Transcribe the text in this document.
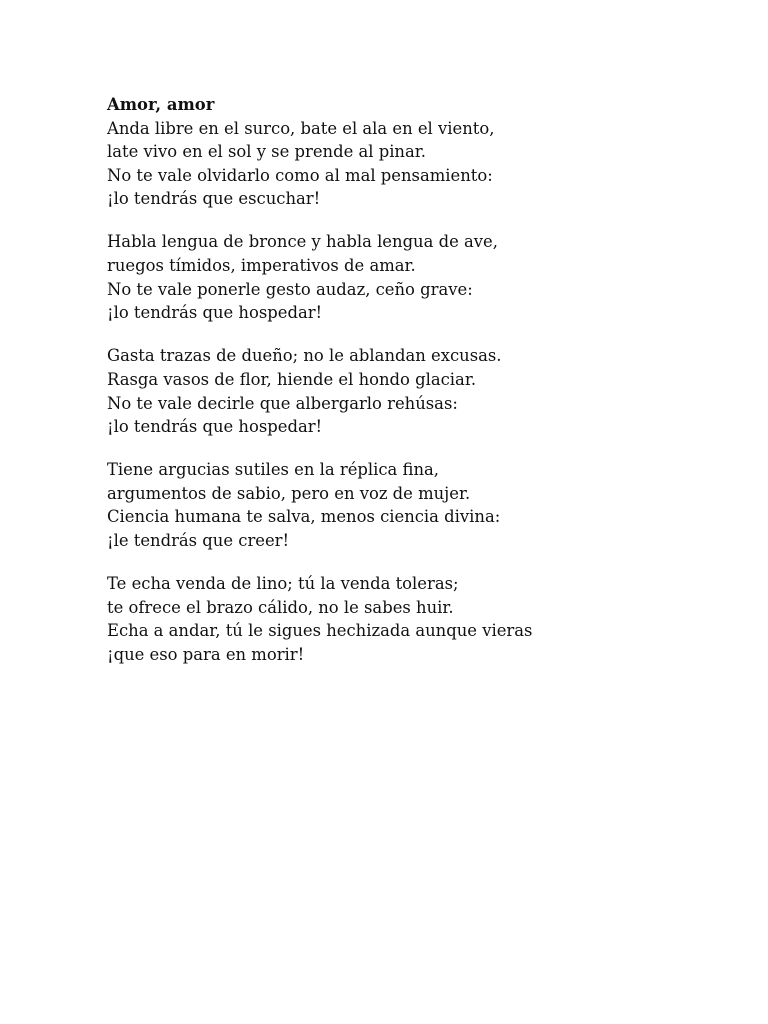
Amor, amor
Anda libre en el surco, bate el ala en el viento,
late vivo en el sol y se prende al pinar.
No te vale olvidarlo como al mal pensamiento:
¡lo tendrás que escuchar!
Habla lengua de bronce y habla lengua de ave,
ruegos tímidos, imperativos de amar.
No te vale ponerle gesto audaz, ceño grave:
¡lo tendrás que hospedar!
Gasta trazas de dueño; no le ablandan excusas.
Rasga vasos de flor, hiende el hondo glaciar.
No te vale decirle que albergarlo rehúsas:
¡lo tendrás que hospedar!
Tiene argucias sutiles en la réplica fina,
argumentos de sabio, pero en voz de mujer.
Ciencia humana te salva, menos ciencia divina:
¡le tendrás que creer!
Te echa venda de lino; tú la venda toleras;
te ofrece el brazo cálido, no le sabes huir.
Echa a andar, tú le sigues hechizada aunque vieras
¡que eso para en morir!
